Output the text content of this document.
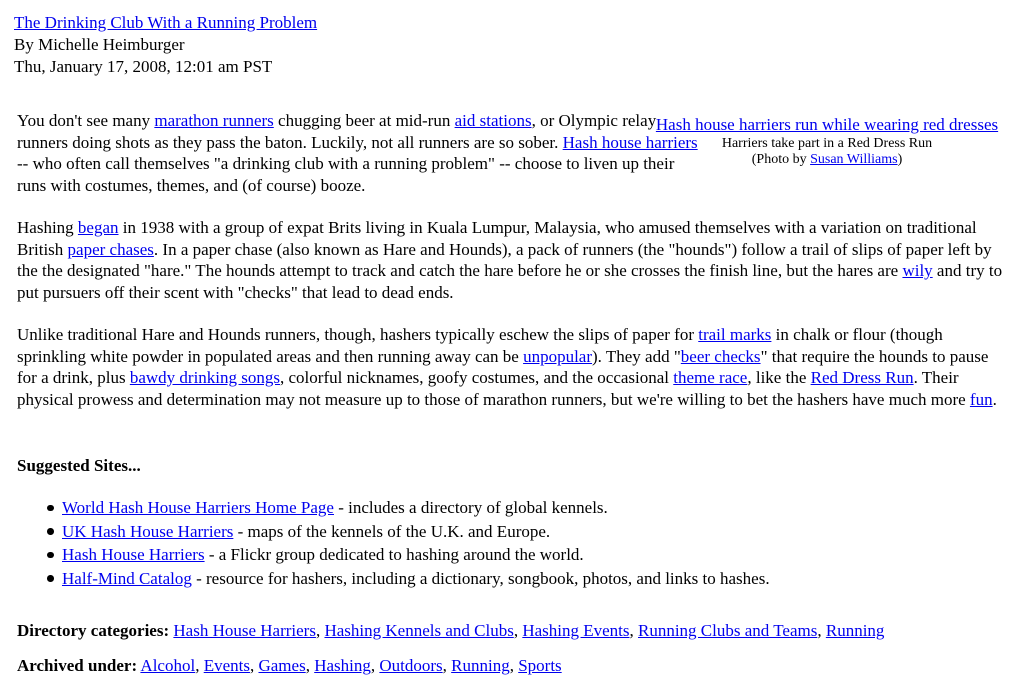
The Drinking Club With a Running Problem
By Michelle Heimburger
Thu, January 17, 2008, 12:01 am PST
Hash house harriers run while wearing red dresses
Harriers take part in a Red Dress Run
(Photo by Susan Williams)

You don't see many marathon runners chugging beer at mid-run aid stations, or Olympic relay runners doing shots as they pass the baton. Luckily, not all runners are so sober. Hash house harriers -- who often call themselves "a drinking club with a running problem" -- choose to liven up their runs with costumes, themes, and (of course) booze.

Hashing began in 1938 with a group of expat Brits living in Kuala Lumpur, Malaysia, who amused themselves with a variation on traditional British paper chases. In a paper chase (also known as Hare and Hounds), a pack of runners (the "hounds") follow a trail of slips of paper left by the the designated "hare." The hounds attempt to track and catch the hare before he or she crosses the finish line, but the hares are wily and try to put pursuers off their scent with "checks" that lead to dead ends.

Unlike traditional Hare and Hounds runners, though, hashers typically eschew the slips of paper for trail marks in chalk or flour (though sprinkling white powder in populated areas and then running away can be unpopular). They add "beer checks" that require the hounds to pause for a drink, plus bawdy drinking songs, colorful nicknames, goofy costumes, and the occasional theme race, like the Red Dress Run. Their physical prowess and determination may not measure up to those of marathon runners, but we're willing to bet the hashers have much more fun.

Suggested Sites...
World Hash House Harriers Home Page - includes a directory of global kennels.
UK Hash House Harriers - maps of the kennels of the U.K. and Europe.
Hash House Harriers - a Flickr group dedicated to hashing around the world.
Half-Mind Catalog - resource for hashers, including a dictionary, songbook, photos, and links to hashes.
Directory categories: Hash House Harriers, Hashing Kennels and Clubs, Hashing Events, Running Clubs and Teams, Running
Archived under: Alcohol, Events, Games, Hashing, Outdoors, Running, Sports
